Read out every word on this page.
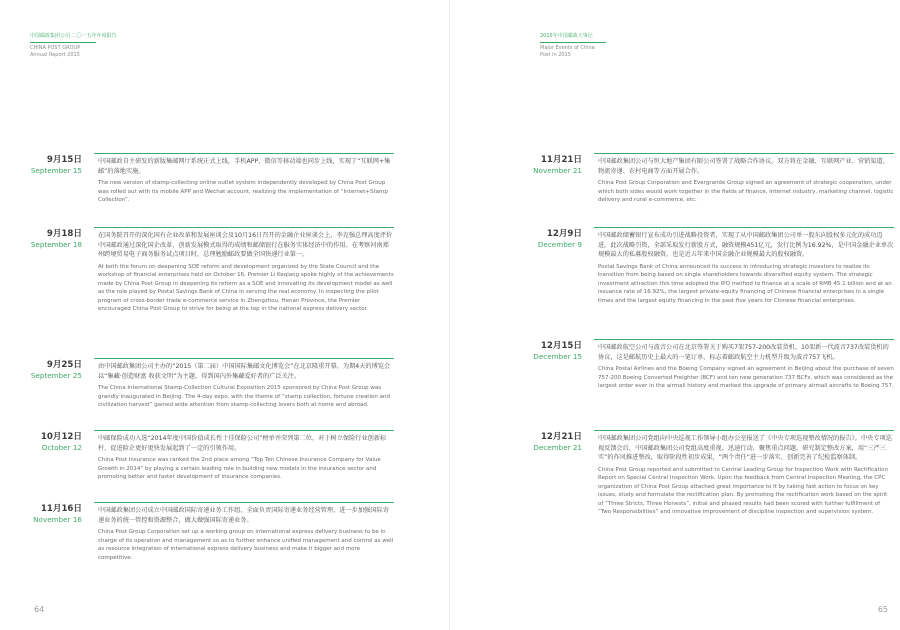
中国邮政集团公司 二〇一五年年度报告
CHINA POST GROUP
Annual Report 2015
9月15日
September 15

中国邮政自主研发的新版集邮网厅系统正式上线，手机APP、微信等移动端也同步上线，实现了“互联网+集邮”的落地实施。

The new version of stamp-collecting online outlet system independently developed by China Post Group was rolled out with its mobile APP and Wechat account, realizing the implementation of “Internet+Stamp Collection”.

9月18日
September 18

在国务院召开的深化国有企业改革和发展座谈会及10月16日召开的金融企业座谈会上，李克强总理高度评价中国邮政通过深化国企改革、创新发展模式取得的成绩和邮储银行在服务实体经济中的作用。在考察河南郑州跨境贸易电子商务服务试点项目时，总理勉励邮政要做全国快递行业第一。

At both the forum on deepening SOE reform and development organized by the State Council and the workshop of financial enterprises held on October 16, Premier Li Keqiang spoke highly of the achievements made by China Post Group in deepening its reform as a SOE and innovating its development model as well as the role played by Postal Savings Bank of China in serving the real economy. In inspecting the pilot program of cross-border trade e-commerce service in Zhengzhou, Henan Province, the Premier encouraged China Post Group to strive for being at the top in the national express delivery sector.

9月25日
September 25

由中国邮政集团公司主办的“2015（第二届）中国国际集邮文化博览会”在北京隆重开幕，为期4天的博览会以“集藏·创造财富 收获文明”为主题，得到国内外集藏爱好者的广泛关注。

The China International Stamp-Collection Cultural Exposition 2015 sponsored by China Post Group was grandly inaugurated in Beijing. The 4-day expo, with the theme of “stamp collection, fortune creation and civilization harvest” gained wide attention from stamp-collecting lovers both at home and abroad.

10月12日
October 12

中邮保险成功入选“2014年度中国价值成长性十佳保险公司”榜单并荣列第二位，对于树立保险行业创新标杆、促进险企更好更快发展起到了一定的引领作用。

China Post Insurance was ranked the 2nd place among “Top Ten Chinese Insurance Company for Value Growth in 2014” by playing a certain leading role in building new models in the insurance sector and promoting better and faster development of insurance companies.

11月16日
November 16

中国邮政集团公司成立中国邮政国际寄递业务工作组，全面负责国际寄递业务经营管理，进一步加强国际寄递业务的统一管控和资源整合，做大做强国际寄递业务。

China Post Group Corporation set up a working group on international express delivery business to be in charge of its operation and management so as to further enhance unified management and control as well as resource integration of international express delivery business and make it bigger and more competitive.

64
2015年中国邮政大事记
Major Events of China
Post in 2015
11月21日
November 21

中国邮政集团公司与恒大地产集团有限公司签署了战略合作协议。双方将在金融、互联网产业、营销渠道、物流寄递、农村电商等方面开展合作。

China Post Group Corporation and Evergrande Group signed an agreement of strategic cooperation, under which both sides would work together in the fields of finance, Internet industry, marketing channel, logistic delivery and rural e-commerce, etc.

12月9日
December 9

中国邮政储蓄银行宣布成功引进战略投资者，实现了从中国邮政集团公司单一股东向股权多元化的成功迈进。此次战略引资，全部采取发行新股方式，融资规模451亿元，发行比例为16.92%，是中国金融企业单次规模最大的私募股权融资，也是近五年来中国金融企业规模最大的股权融资。

Postal Savings Bank of China announced its success in introducing strategic investors to realize its transition from being based on single shareholders towards diversified equity system. The strategic investment attraction this time adopted the IPO method to finance at a scale of RMB 45.1 billion and at an issuance rate of 16.92%, the largest private-equity financing of Chinese financial enterprises in a single times and the largest equity financing in the past five years for Chinese financial enterprises.

12月15日
December 15

中国邮政航空公司与波音公司在北京签署关于购买7架757-200改装货机、10架新一代波音737改装货机的协议，这是邮航历史上最大的一笔订单，标志着邮政航空主力机型升级为波音757飞机。

China Postal Airlines and the Boeing Company signed an agreement in Beijing about the purchase of seven 757-200 Boeing Converted Freighter (BCF) and ten new generation 737 BCFs, which was considered as the largest order ever in the airmail history and marked the upgrade of primary airmail aircrafts to Boeing 757.

12月21日
December 21

中国邮政集团公司党组向中央巡视工作领导小组办公室报送了《中央专项巡视整改情况的报告》。中央专项巡视反馈会后，中国邮政集团公司党组高度重视、迅速行动，聚焦重点问题，研究制定整改方案，用“三严三实”的作风推进整改，取得阶段性初步成果，“两个责任”进一步落实，创新完善了纪检监察体制。

China Post Group reported and submitted to Central Leading Group for Inspection Work with Rectification Report on Special Central Inspection Work. Upon the feedback from Central Inspection Meeting, the CPC organization of China Post Group attached great importance to it by taking fast action to focus on key issues, study and formulate the rectification plan. By promoting the rectification work based on the spirit of “Three Stricts, Three Honests”, initial and phased results had been scored with further fulfillment of “Two Responsibilities” and innovative improvement of discipline inspection and supervision system.

65
